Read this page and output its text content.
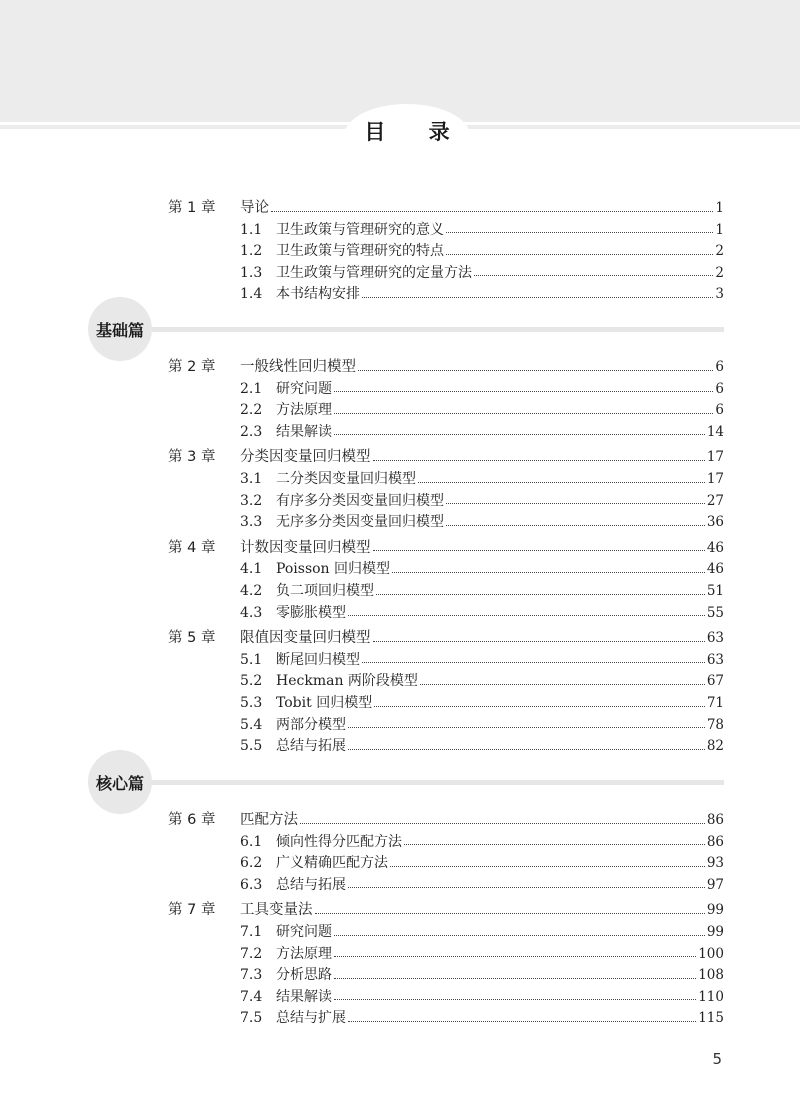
目 录
第 1 章 导论	1
1.1 卫生政策与管理研究的意义	1
1.2 卫生政策与管理研究的特点	2
1.3 卫生政策与管理研究的定量方法	2
1.4 本书结构安排	3
基础篇
第 2 章 一般线性回归模型	6
2.1 研究问题	6
2.2 方法原理	6
2.3 结果解读	14
第 3 章 分类因变量回归模型	17
3.1 二分类因变量回归模型	17
3.2 有序多分类因变量回归模型	27
3.3 无序多分类因变量回归模型	36
第 4 章 计数因变量回归模型	46
4.1 Poisson 回归模型	46
4.2 负二项回归模型	51
4.3 零膨胀模型	55
第 5 章 限值因变量回归模型	63
5.1 断尾回归模型	63
5.2 Heckman 两阶段模型	67
5.3 Tobit 回归模型	71
5.4 两部分模型	78
5.5 总结与拓展	82
核心篇
第 6 章 匹配方法	86
6.1 倾向性得分匹配方法	86
6.2 广义精确匹配方法	93
6.3 总结与拓展	97
第 7 章 工具变量法	99
7.1 研究问题	99
7.2 方法原理	100
7.3 分析思路	108
7.4 结果解读	110
7.5 总结与扩展	115
5
